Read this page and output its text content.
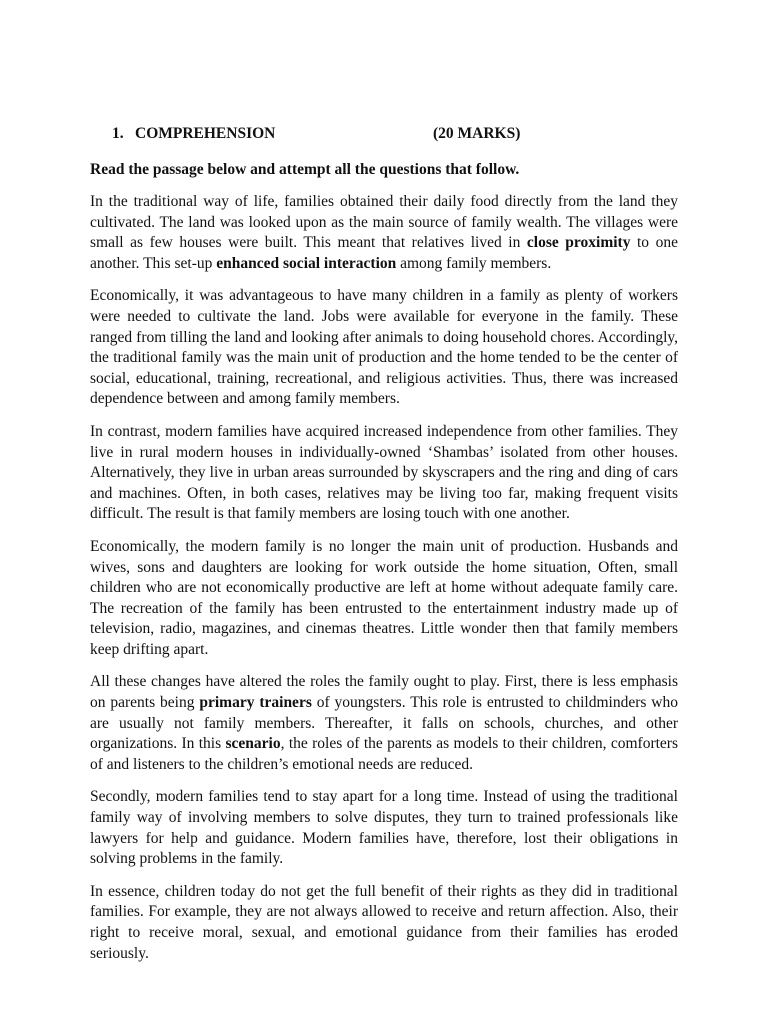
1. COMPREHENSION	(20 MARKS)

Read the passage below and attempt all the questions that follow.

In the traditional way of life, families obtained their daily food directly from the land they cultivated. The land was looked upon as the main source of family wealth. The villages were small as few houses were built. This meant that relatives lived in close proximity to one another. This set-up enhanced social interaction among family members.

Economically, it was advantageous to have many children in a family as plenty of workers were needed to cultivate the land. Jobs were available for everyone in the family. These ranged from tilling the land and looking after animals to doing household chores. Accordingly, the traditional family was the main unit of production and the home tended to be the center of social, educational, training, recreational, and religious activities. Thus, there was increased dependence between and among family members.

In contrast, modern families have acquired increased independence from other families. They live in rural modern houses in individually-owned ‘Shambas’ isolated from other houses. Alternatively, they live in urban areas surrounded by skyscrapers and the ring and ding of cars and machines. Often, in both cases, relatives may be living too far, making frequent visits difficult. The result is that family members are losing touch with one another.

Economically, the modern family is no longer the main unit of production. Husbands and wives, sons and daughters are looking for work outside the home situation, Often, small children who are not economically productive are left at home without adequate family care. The recreation of the family has been entrusted to the entertainment industry made up of television, radio, magazines, and cinemas theatres. Little wonder then that family members keep drifting apart.

All these changes have altered the roles the family ought to play. First, there is less emphasis on parents being primary trainers of youngsters. This role is entrusted to childminders who are usually not family members. Thereafter, it falls on schools, churches, and other organizations. In this scenario, the roles of the parents as models to their children, comforters of and listeners to the children’s emotional needs are reduced.

Secondly, modern families tend to stay apart for a long time. Instead of using the traditional family way of involving members to solve disputes, they turn to trained professionals like lawyers for help and guidance. Modern families have, therefore, lost their obligations in solving problems in the family.

In essence, children today do not get the full benefit of their rights as they did in traditional families. For example, they are not always allowed to receive and return affection. Also, their right to receive moral, sexual, and emotional guidance from their families has eroded seriously.
